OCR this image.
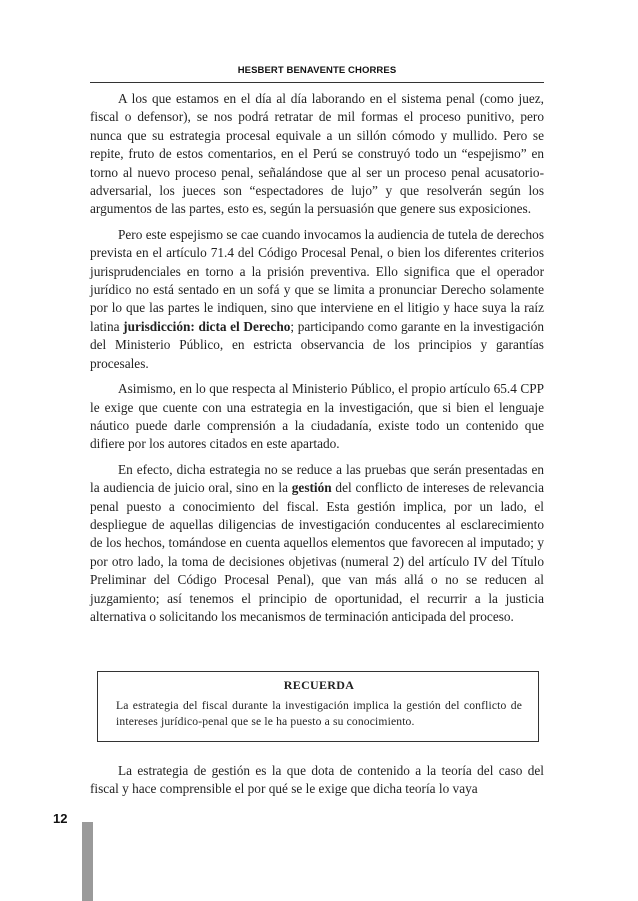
HESBERT BENAVENTE CHORRES

A los que estamos en el día al día laborando en el sistema penal (como juez, fiscal o defensor), se nos podrá retratar de mil formas el proceso punitivo, pero nunca que su estrategia procesal equivale a un sillón cómodo y mullido. Pero se repite, fruto de estos comentarios, en el Perú se construyó todo un “espejismo” en torno al nuevo proceso penal, señalándose que al ser un proceso penal acusatorio-adversarial, los jueces son “espectadores de lujo” y que resolverán según los argumentos de las partes, esto es, según la persuasión que genere sus exposiciones.

Pero este espejismo se cae cuando invocamos la audiencia de tutela de derechos prevista en el artículo 71.4 del Código Procesal Penal, o bien los diferentes criterios jurisprudenciales en torno a la prisión preventiva. Ello significa que el operador jurídico no está sentado en un sofá y que se limita a pronunciar Derecho solamente por lo que las partes le indiquen, sino que interviene en el litigio y hace suya la raíz latina jurisdicción: dicta el Derecho; participando como garante en la investigación del Ministerio Público, en estricta observancia de los principios y garantías procesales.

Asimismo, en lo que respecta al Ministerio Público, el propio artículo 65.4 CPP le exige que cuente con una estrategia en la investigación, que si bien el lenguaje náutico puede darle comprensión a la ciudadanía, existe todo un contenido que difiere por los autores citados en este apartado.

En efecto, dicha estrategia no se reduce a las pruebas que serán presentadas en la audiencia de juicio oral, sino en la gestión del conflicto de intereses de relevancia penal puesto a conocimiento del fiscal. Esta gestión implica, por un lado, el despliegue de aquellas diligencias de investigación conducentes al esclarecimiento de los hechos, tomándose en cuenta aquellos elementos que favorecen al imputado; y por otro lado, la toma de decisiones objetivas (numeral 2) del artículo IV del Título Preliminar del Código Procesal Penal), que van más allá o no se reducen al juzgamiento; así tenemos el principio de oportunidad, el recurrir a la justicia alternativa o solicitando los mecanismos de terminación anticipada del proceso.

RECUERDA
La estrategia del fiscal durante la investigación implica la gestión del conflicto de intereses jurídico-penal que se le ha puesto a su conocimiento.

La estrategia de gestión es la que dota de contenido a la teoría del caso del fiscal y hace comprensible el por qué se le exige que dicha teoría lo vaya

12
